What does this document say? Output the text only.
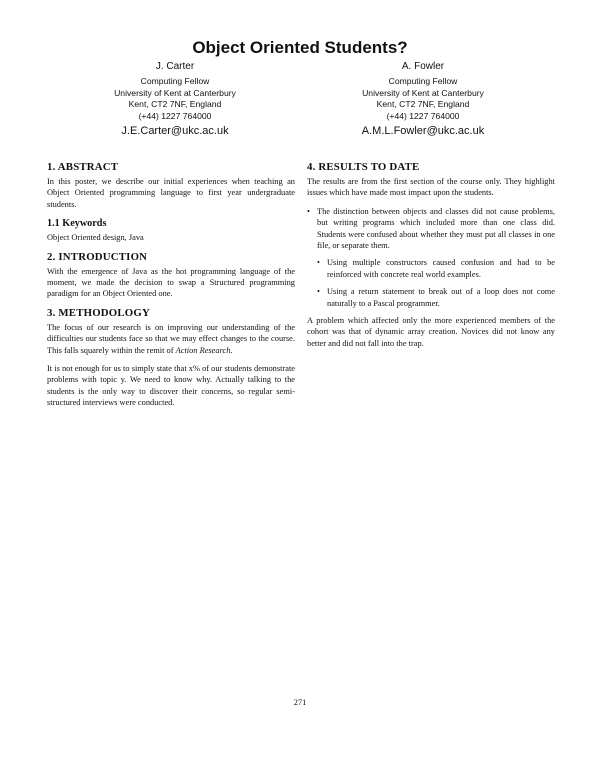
Object Oriented Students?
J. Carter
Computing Fellow
University of Kent at Canterbury
Kent, CT2 7NF, England
(+44) 1227 764000
J.E.Carter@ukc.ac.uk
A. Fowler
Computing Fellow
University of Kent at Canterbury
Kent, CT2 7NF, England
(+44) 1227 764000
A.M.L.Fowler@ukc.ac.uk
1. ABSTRACT

In this poster, we describe our initial experiences when teaching an Object Oriented programming language to first year undergraduate students.

1.1 Keywords

Object Oriented design, Java

2. INTRODUCTION

With the emergence of Java as the hot programming language of the moment, we made the decision to swap a Structured programming paradigm for an Object Oriented one.

3. METHODOLOGY

The focus of our research is on improving our understanding of the difficulties our students face so that we may effect changes to the course. This falls squarely within the remit of Action Research.

It is not enough for us to simply state that x% of our students demonstrate problems with topic y. We need to know why. Actually talking to the students is the only way to discover their concerns, so regular semi-structured interviews were conducted.

4. RESULTS TO DATE

The results are from the first section of the course only. They highlight issues which have made most impact upon the students.

• The distinction between objects and classes did not cause problems, but writing programs which included more than one class did. Students were confused about whether they must put all classes in one file, or separate them.
• Using multiple constructors caused confusion and had to be reinforced with concrete real world examples.
• Using a return statement to break out of a loop does not come naturally to a Pascal programmer.

A problem which affected only the more experienced members of the cohort was that of dynamic array creation. Novices did not know any better and did not fall into the trap.

271
